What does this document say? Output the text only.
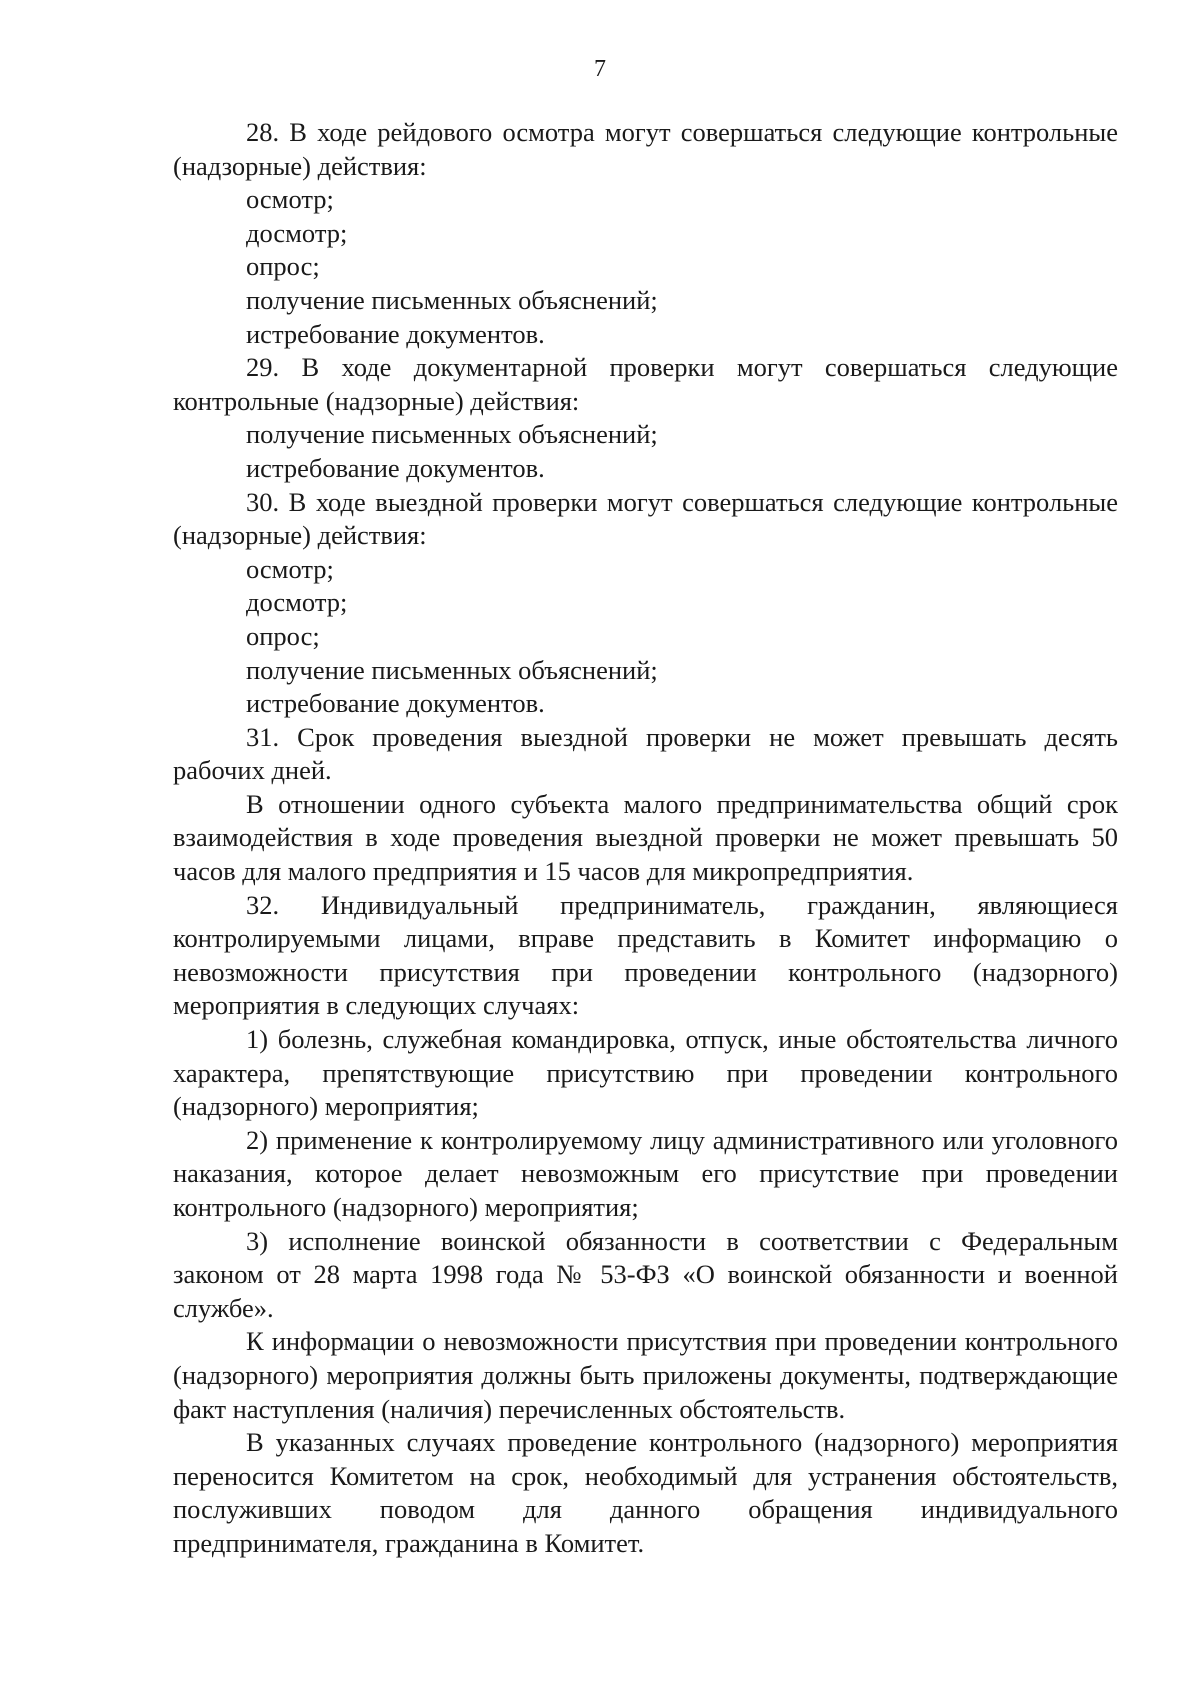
7

28. В ходе рейдового осмотра могут совершаться следующие контрольные (надзорные) действия:

осмотр;

досмотр;

опрос;

получение письменных объяснений;

истребование документов.

29. В ходе документарной проверки могут совершаться следующие контрольные (надзорные) действия:

получение письменных объяснений;

истребование документов.

30. В ходе выездной проверки могут совершаться следующие контрольные (надзорные) действия:

осмотр;

досмотр;

опрос;

получение письменных объяснений;

истребование документов.

31. Срок проведения выездной проверки не может превышать десять рабочих дней.

В отношении одного субъекта малого предпринимательства общий срок взаимодействия в ходе проведения выездной проверки не может превышать 50 часов для малого предприятия и 15 часов для микропредприятия.

32. Индивидуальный предприниматель, гражданин, являющиеся контролируемыми лицами, вправе представить в Комитет информацию о невозможности присутствия при проведении контрольного (надзорного) мероприятия в следующих случаях:

1) болезнь, служебная командировка, отпуск, иные обстоятельства личного характера, препятствующие присутствию при проведении контрольного (надзорного) мероприятия;

2) применение к контролируемому лицу административного или уголовного наказания, которое делает невозможным его присутствие при проведении контрольного (надзорного) мероприятия;

3) исполнение воинской обязанности в соответствии с Федеральным законом от 28 марта 1998 года № 53-ФЗ «О воинской обязанности и военной службе».

К информации о невозможности присутствия при проведении контрольного (надзорного) мероприятия должны быть приложены документы, подтверждающие факт наступления (наличия) перечисленных обстоятельств.

В указанных случаях проведение контрольного (надзорного) мероприятия переносится Комитетом на срок, необходимый для устранения обстоятельств, послуживших поводом для данного обращения индивидуального предпринимателя, гражданина в Комитет.
